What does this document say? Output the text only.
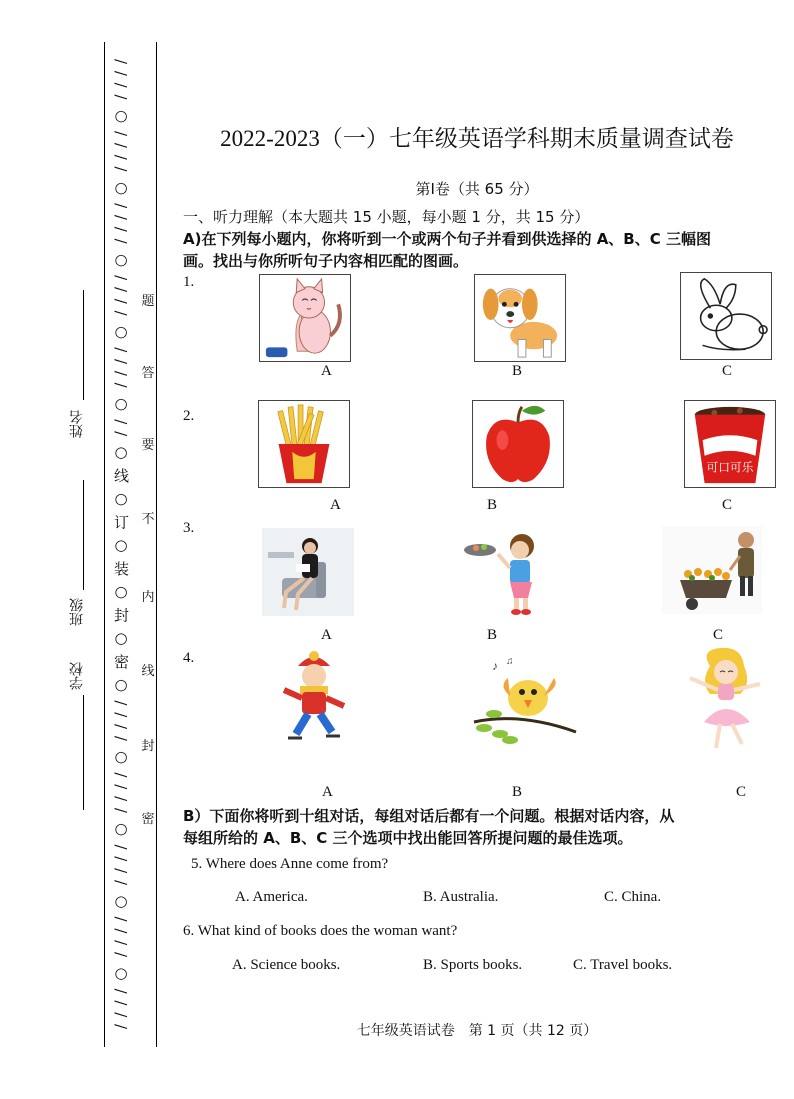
/ / / / ○ / / / / ○ / / / / ○ / / / / ○ / / / / ○ / / ○ 线 ○ 订 ○ 装 ○ 封 ○ 密 ○ / / / / ○ / / / / ○ / / / / ○ / / / / ○ / / / /
姓名
班级
学校
题
答
要
不
内
线
封
密
2022-2023（一）七年级英语学科期末质量调查试卷
第Ⅰ卷（共 65 分）
一、听力理解（本大题共 15 小题，每小题 1 分，共 15 分）
A)在下列每小题内，你将听到一个或两个句子并看到供选择的 A、B、C 三幅图
画。找出与你所听句子内容相匹配的图画。
1.
A	B	C
2.
可口可乐
A	B	C
3.
A	B	C
4.	♪ ♫
A	B	C
B）下面你将听到十组对话，每组对话后都有一个问题。根据对话内容，从
每组所给的 A、B、C 三个选项中找出能回答所提问题的最佳选项。
5. Where does Anne come from?
A. America.	B. Australia.	C. China.
6. What kind of books does the woman want?
A. Science books.	B. Sports books.	C. Travel books.
七年级英语试卷　第 1 页（共 12 页）
